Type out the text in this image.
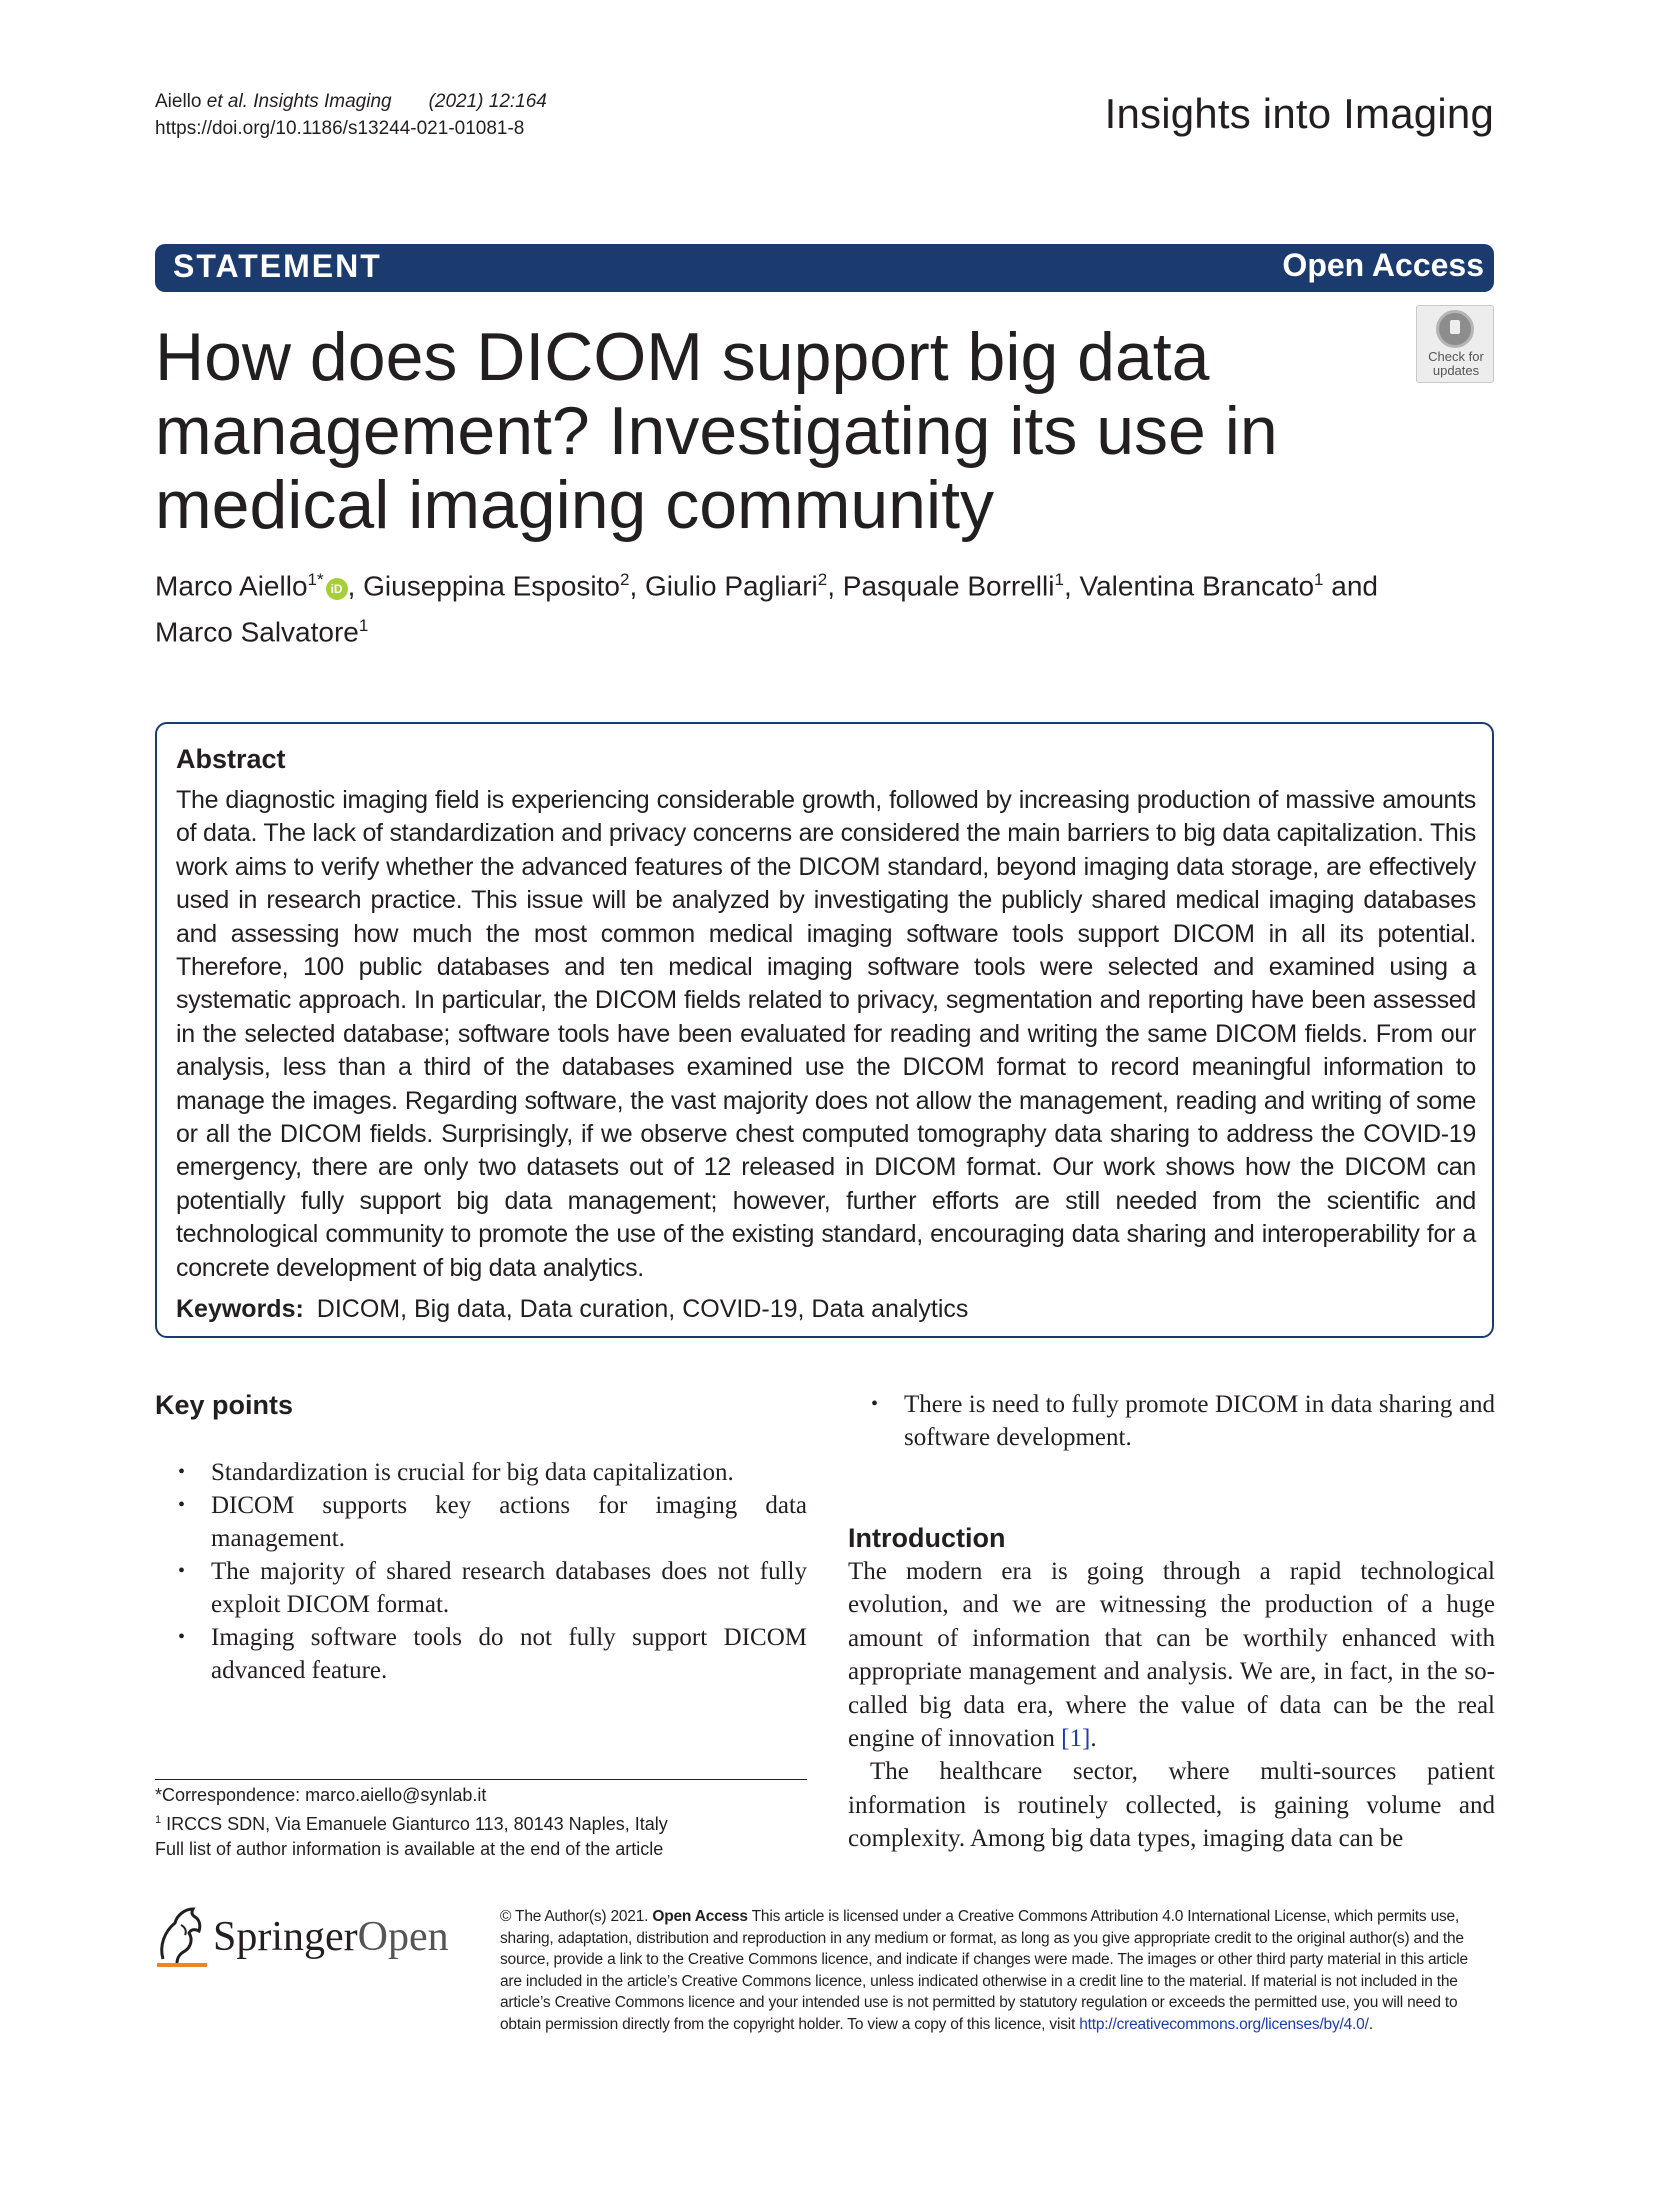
Aiello et al. Insights Imaging (2021) 12:164
https://doi.org/10.1186/s13244-021-01081-8	Insights into Imaging
STATEMENT	Open Access
Check for
updates
How does DICOM support big data management? Investigating its use in medical imaging community
Marco Aiello$^{1*}$iD , Giuseppina Esposito$^2$, Giulio Pagliari$^2$, Pasquale Borrelli$^1$, Valentina Brancato$^1$ and
Marco Salvatore$^1$
Abstract
The diagnostic imaging field is experiencing considerable growth, followed by increasing production of massive amounts of data. The lack of standardization and privacy concerns are considered the main barriers to big data capitalization. This work aims to verify whether the advanced features of the DICOM standard, beyond imaging data storage, are effectively used in research practice. This issue will be analyzed by investigating the publicly shared medical imaging databases and assessing how much the most common medical imaging software tools support DICOM in all its potential. Therefore, 100 public databases and ten medical imaging software tools were selected and examined using a systematic approach. In particular, the DICOM fields related to privacy, segmentation and reporting have been assessed in the selected database; software tools have been evaluated for reading and writing the same DICOM fields. From our analysis, less than a third of the databases examined use the DICOM format to record meaningful information to manage the images. Regarding software, the vast majority does not allow the management, reading and writing of some or all the DICOM fields. Surprisingly, if we observe chest computed tomography data sharing to address the COVID-19 emergency, there are only two datasets out of 12 released in DICOM format. Our work shows how the DICOM can potentially fully support big data management; however, further efforts are still needed from the scientific and technological community to promote the use of the existing standard, encouraging data sharing and interoperability for a concrete development of big data analytics.
Keywords: DICOM, Big data, Data curation, COVID-19, Data analytics
Key points
• Standardization is crucial for big data capitalization.
• DICOM supports key actions for imaging data management.
• The majority of shared research databases does not fully exploit DICOM format.
• Imaging software tools do not fully support DICOM advanced feature.
• There is need to fully promote DICOM in data sharing and software development.
Introduction

The modern era is going through a rapid technological evolution, and we are witnessing the production of a huge amount of information that can be worthily enhanced with appropriate management and analysis. We are, in fact, in the so-called big data era, where the value of data can be the real engine of innovation [1].

The healthcare sector, where multi-sources patient information is routinely collected, is gaining volume and complexity. Among big data types, imaging data can be

*Correspondence: marco.aiello@synlab.it
$^1$ IRCCS SDN, Via Emanuele Gianturco 113, 80143 Naples, Italy
Full list of author information is available at the end of the article
SpringerOpen	© The Author(s) 2021. Open Access This article is licensed under a Creative Commons Attribution 4.0 International License, which permits use, sharing, adaptation, distribution and reproduction in any medium or format, as long as you give appropriate credit to the original author(s) and the source, provide a link to the Creative Commons licence, and indicate if changes were made. The images or other third party material in this article are included in the article’s Creative Commons licence, unless indicated otherwise in a credit line to the material. If material is not included in the article’s Creative Commons licence and your intended use is not permitted by statutory regulation or exceeds the permitted use, you will need to obtain permission directly from the copyright holder. To view a copy of this licence, visit http://creativecommons.org/licenses/by/4.0/.
